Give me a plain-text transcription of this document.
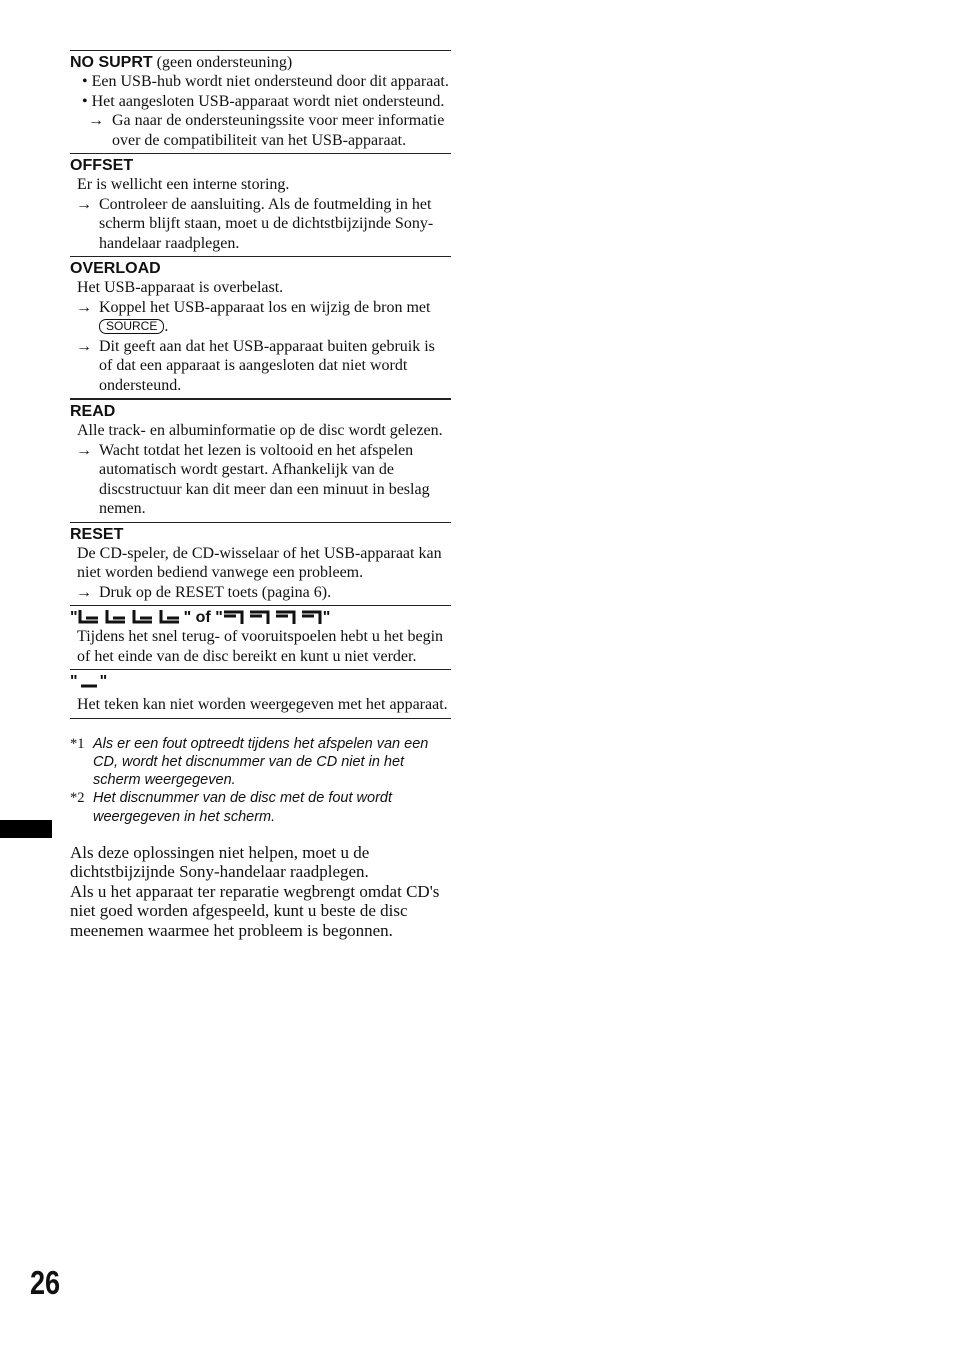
NO SUPRT (geen ondersteuning)
• Een USB-hub wordt niet ondersteund door dit apparaat.
• Het aangesloten USB-apparaat wordt niet ondersteund.
→ Ga naar de ondersteuningssite voor meer informatie over de compatibiliteit van het USB-apparaat.
OFFSET
Er is wellicht een interne storing.
→ Controleer de aansluiting. Als de foutmelding in het scherm blijft staan, moet u de dichtstbijzijnde Sony-handelaar raadplegen.
OVERLOAD
Het USB-apparaat is overbelast.
→ Koppel het USB-apparaat los en wijzig de bron met SOURCE .
→ Dit geeft aan dat het USB-apparaat buiten gebruik is of dat een apparaat is aangesloten dat niet wordt ondersteund.
READ
Alle track- en albuminformatie op de disc wordt gelezen.
→ Wacht totdat het lezen is voltooid en het afspelen automatisch wordt gestart. Afhankelijk van de discstructuur kan dit meer dan een minuut in beslag nemen.
RESET
De CD-speler, de CD-wisselaar of het USB-apparaat kan niet worden bediend vanwege een probleem.
→ Druk op de RESET toets (pagina 6).
"	" of "	"
Tijdens het snel terug- of vooruitspoelen hebt u het begin of het einde van de disc bereikt en kunt u niet verder.
" "
Het teken kan niet worden weergegeven met het apparaat.
*1 Als er een fout optreedt tijdens het afspelen van een CD, wordt het discnummer van de CD niet in het scherm weergegeven.
*2 Het discnummer van de disc met de fout wordt weergegeven in het scherm.
Als deze oplossingen niet helpen, moet u de dichtstbijzijnde Sony-handelaar raadplegen.
Als u het apparaat ter reparatie wegbrengt omdat CD's niet goed worden afgespeeld, kunt u beste de disc meenemen waarmee het probleem is begonnen.
26
